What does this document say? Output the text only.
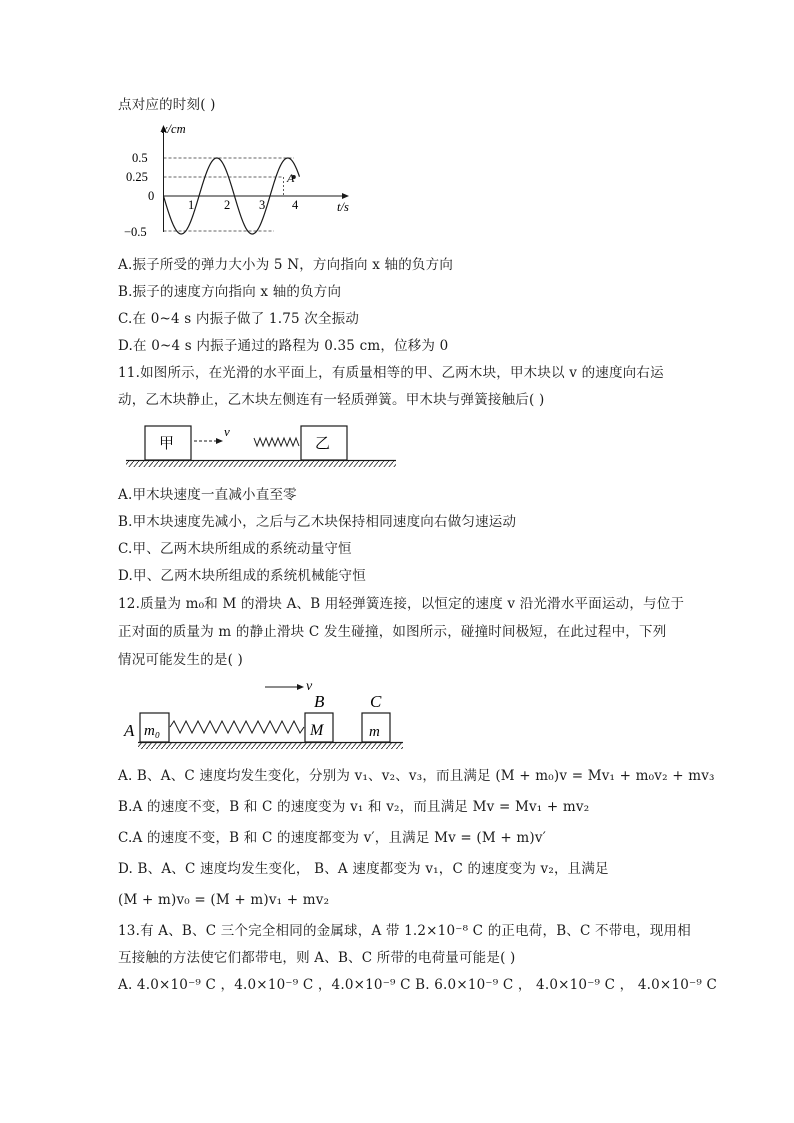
点对应的时刻( )
x/cm
0.5
0.25
0
−0.5
1 2 3 4	t/s
A
A.振子所受的弹力大小为 5 N，方向指向 x 轴的负方向
B.振子的速度方向指向 x 轴的负方向
C.在 0~4 s 内振子做了 1.75 次全振动
D.在 0~4 s 内振子通过的路程为 0.35 cm，位移为 0
11.如图所示，在光滑的水平面上，有质量相等的甲、乙两木块，甲木块以 v 的速度向右运
动，乙木块静止，乙木块左侧连有一轻质弹簧。甲木块与弹簧接触后( )
甲
v
乙
A.甲木块速度一直减小直至零
B.甲木块速度先减小，之后与乙木块保持相同速度向右做匀速运动
C.甲、乙两木块所组成的系统动量守恒
D.甲、乙两木块所组成的系统机械能守恒
12.质量为 m₀和 M 的滑块 A、B 用轻弹簧连接，以恒定的速度 v 沿光滑水平面运动，与位于
正对面的质量为 m 的静止滑块 C 发生碰撞，如图所示，碰撞时间极短，在此过程中，下列
情况可能发生的是( )
v
B	C
A m₀	M	m
A. B、A、C 速度均发生变化，分别为 v₁、v₂、v₃，而且满足 (M + m₀)v = Mv₁ + m₀v₂ + mv₃
B.A 的速度不变，B 和 C 的速度变为 v₁ 和 v₂，而且满足 Mv = Mv₁ + mv₂
C.A 的速度不变，B 和 C 的速度都变为 v′，且满足 Mv = (M + m)v′
D. B、A、C 速度均发生变化， B、A 速度都变为 v₁，C 的速度变为 v₂，且满足
(M + m)v₀ = (M + m)v₁ + mv₂
13.有 A、B、C 三个完全相同的金属球，A 带 1.2×10⁻⁸ C 的正电荷，B、C 不带电，现用相
互接触的方法使它们都带电，则 A、B、C 所带的电荷量可能是( )
A. 4.0×10⁻⁹ C ，4.0×10⁻⁹ C ，4.0×10⁻⁹ C B. 6.0×10⁻⁹ C ， 4.0×10⁻⁹ C ， 4.0×10⁻⁹ C
